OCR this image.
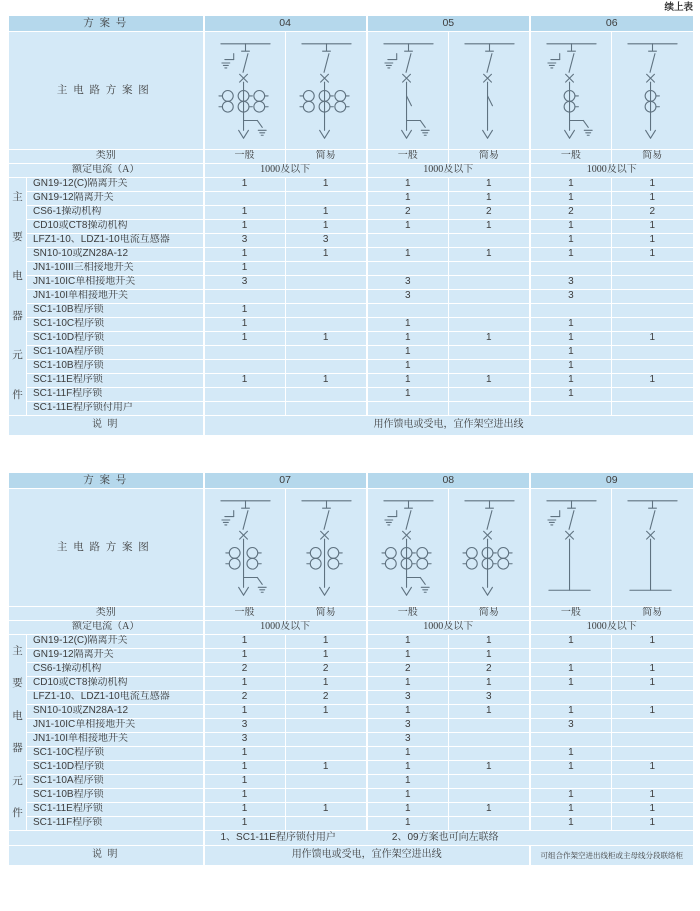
续上表
方案号		04		05		06	
主电路方案图	

类别		一般	简易	一般	简易	一般	简易
额定电流（A）		1000及以下		1000及以下		1000及以下	

主
要
电
器
元
件
	GN19-12(C)隔离开关	1	1	1	1	1	1
	GN19-12隔离开关			1	1	1	1
	CS6-1操动机构	1	1	2	2	2	2
	CD10或CT8操动机构	1	1	1	1	1	1
	LFZ1-10、LDZ1-10电流互感器	3	3			1	1
	SN10-10或ZN28A-12	1	1	1	1	1	1
	JN1-10III三相接地开关	1					
	JN1-10IC单相接地开关	3		3		3	
	JN1-10I单相接地开关			3		3	
	SC1-10B程序锁	1					
	SC1-10C程序锁	1		1		1	
	SC1-10D程序锁	1	1	1	1	1	1
	SC1-10A程序锁			1		1	
	SC1-10B程序锁			1		1	
	SC1-11E程序锁	1	1	1	1	1	1
	SC1-11F程序锁			1		1	
	SC1-11E程序锁付用户						
说明		用作馈电或受电，宜作架空进出线					
方案号		07		08		09	
主电路方案图	

类别		一般	简易	一般	简易	一般	简易
额定电流（A）		1000及以下		1000及以下		1000及以下	

主
要
电
器
元
件
	GN19-12(C)隔离开关	1	1	1	1	1	1
	GN19-12隔离开关	1	1	1	1		
	CS6-1操动机构	2	2	2	2	1	1
	CD10或CT8操动机构	1	1	1	1	1	1
	LFZ1-10、LDZ1-10电流互感器	2	2	3	3		
	SN10-10或ZN28A-12	1	1	1	1	1	1
	JN1-10IC单相接地开关	3		3		3	
	JN1-10I单相接地开关	3		3			
	SC1-10C程序锁	1		1		1	
	SC1-10D程序锁	1	1	1	1	1	1
	SC1-10A程序锁	1		1			
	SC1-10B程序锁	1		1		1	1
	SC1-11E程序锁	1	1	1	1	1	1
	SC1-11F程序锁	1		1		1	1

		1、SC1-11E程序锁付用户 2、09方案也可向左联络					

说明		用作馈电或受电，宜作架空进出线				可组合作架空进出线柜或主母线分段联络柜	
